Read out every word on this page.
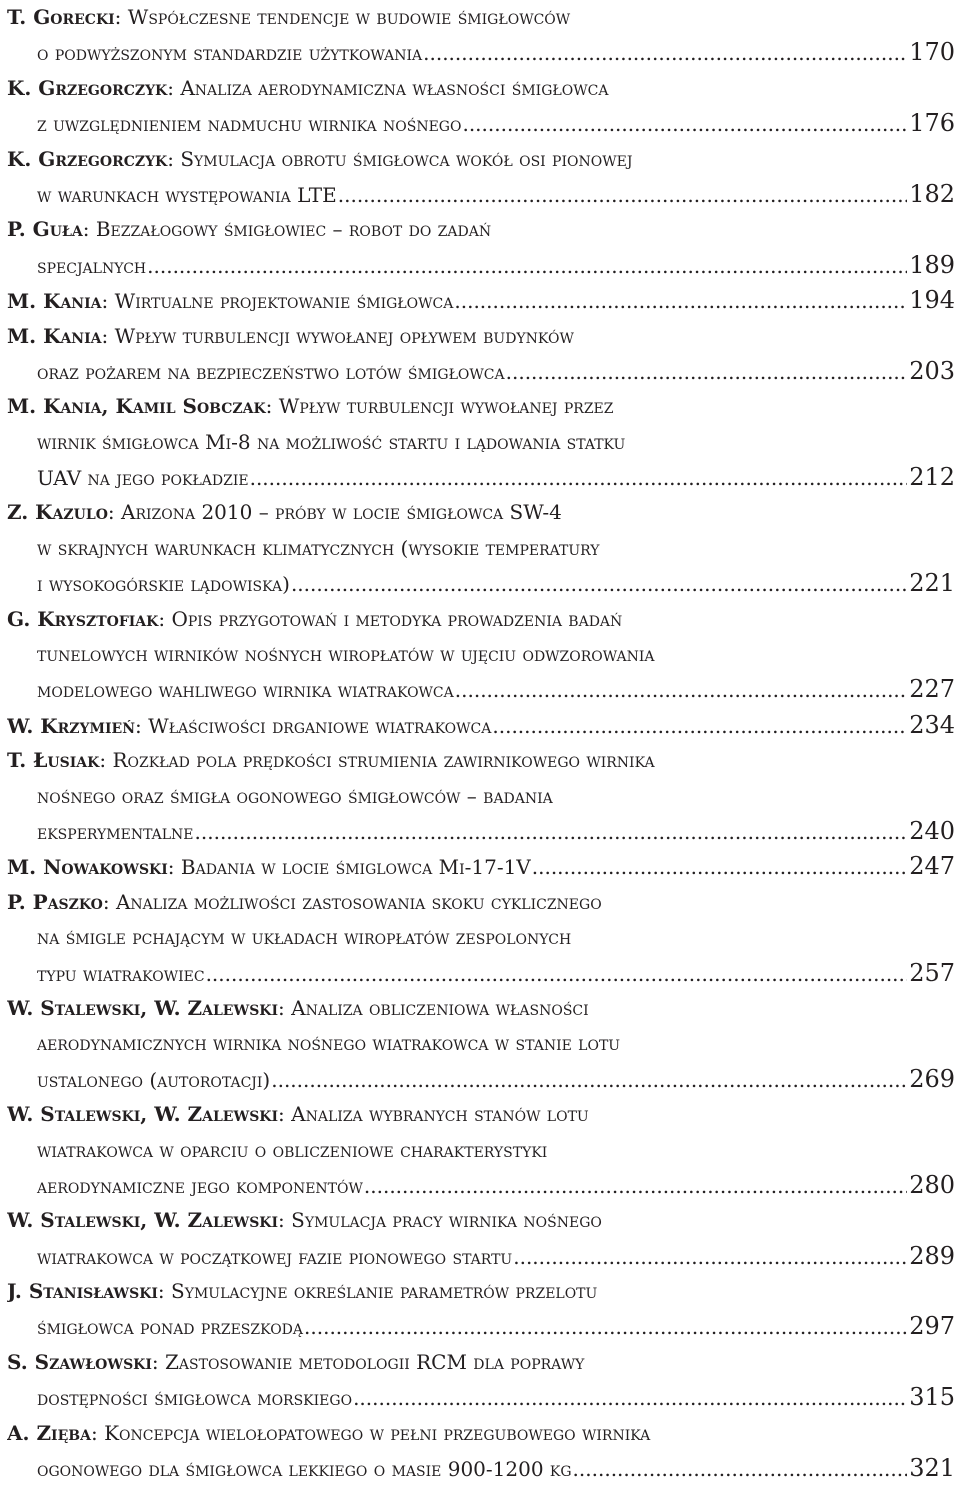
T. Gorecki: Współczesne tendencje w budowie śmigłowców
o podwyższonym standardzie użytkowania .....	170
K. Grzegorczyk: Analiza aerodynamiczna własności śmigłowca
z uwzględnieniem nadmuchu wirnika nośnego .....	176
K. Grzegorczyk: Symulacja obrotu śmigłowca wokół osi pionowej
w warunkach występowania LTE .....	182
P. Guła: Bezzałogowy śmigłowiec – robot do zadań
specjalnych .....	189
M. Kania: Wirtualne projektowanie śmigłowca .....	194
M. Kania: Wpływ turbulencji wywołanej opływem budynków
oraz pożarem na bezpieczeństwo lotów śmigłowca .....	203
M. Kania, Kamil Sobczak: Wpływ turbulencji wywołanej przez
wirnik śmigłowca Mi-8 na możliwość startu i lądowania statku
UAV na jego pokładzie .....	212
Z. Kazulo: Arizona 2010 – próby w locie śmigłowca SW-4
w skrajnych warunkach klimatycznych (wysokie temperatury
i wysokogórskie lądowiska) .....	221
G. Krysztofiak: Opis przygotowań i metodyka prowadzenia badań
tunelowych wirników nośnych wiropłatów w ujęciu odwzorowania
modelowego wahliwego wirnika wiatrakowca .....	227
W. Krzymień: Właściwości drganiowe wiatrakowca .....	234
T. Łusiak: Rozkład pola prędkości strumienia zawirnikowego wirnika
nośnego oraz śmigła ogonowego śmigłowców – badania
eksperymentalne .....	240
M. Nowakowski: Badania w locie śmiglowca Mi-17-1V .....	247
P. Paszko: Analiza możliwości zastosowania skoku cyklicznego
na śmigle pchającym w układach wiropłatów zespolonych
typu wiatrakowiec .....	257
W. Stalewski, W. Zalewski: Analiza obliczeniowa własności
aerodynamicznych wirnika nośnego wiatrakowca w stanie lotu
ustalonego (autorotacji) .....	269
W. Stalewski, W. Zalewski: Analiza wybranych stanów lotu
wiatrakowca w oparciu o obliczeniowe charakterystyki
aerodynamiczne jego komponentów .....	280
W. Stalewski, W. Zalewski: Symulacja pracy wirnika nośnego
wiatrakowca w początkowej fazie pionowego startu .....	289
J. Stanisławski: Symulacyjne określanie parametrów przelotu
śmigłowca ponad przeszkodą .....	297
S. Szawłowski: Zastosowanie metodologii RCM dla poprawy
dostępności śmigłowca morskiego .....	315
A. Zięba: Koncepcja wielołopatowego w pełni przegubowego wirnika
ogonowego dla śmigłowca lekkiego o masie 900-1200 kg .....	321
